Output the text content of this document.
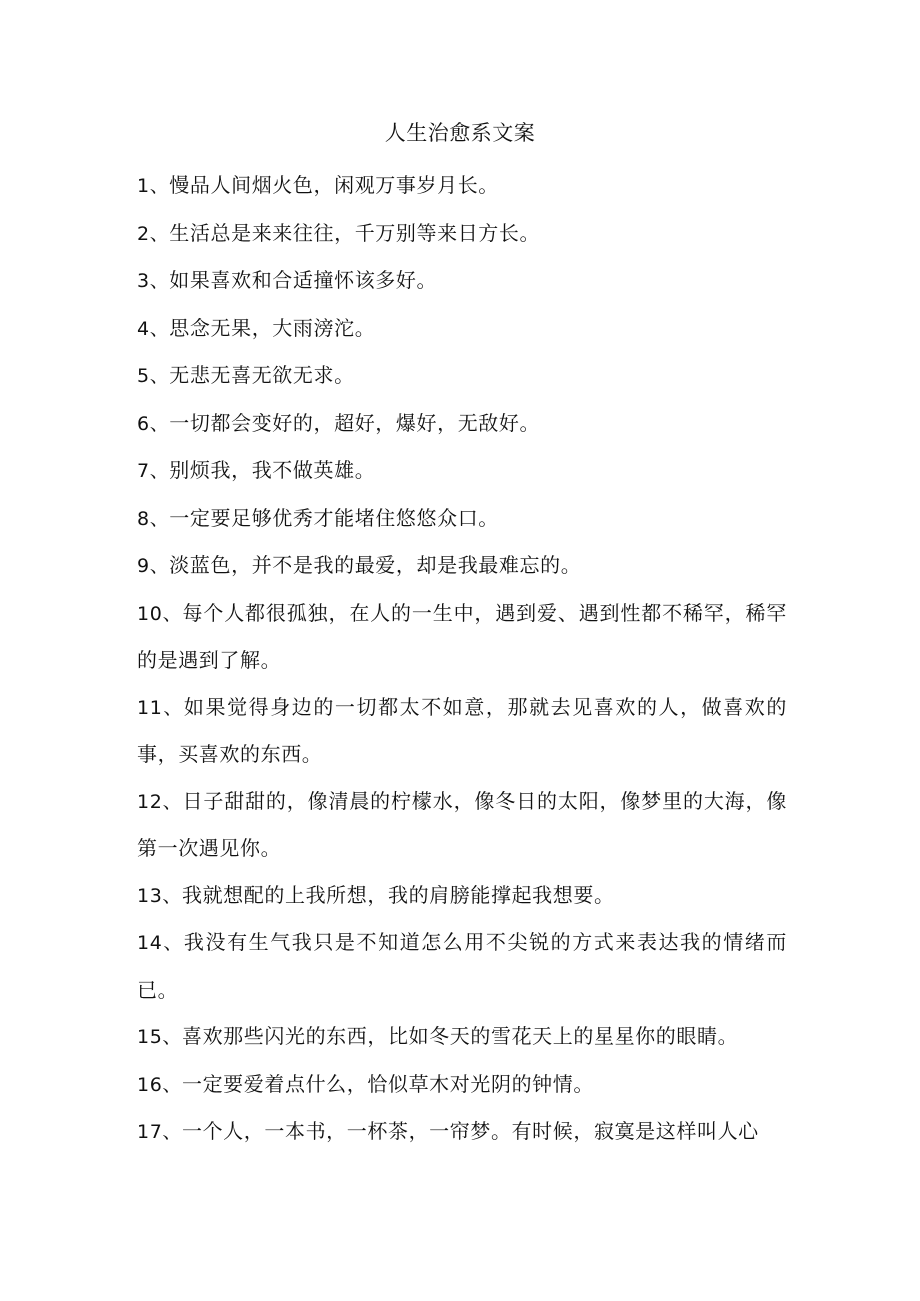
人生治愈系文案

1、慢品人间烟火色，闲观万事岁月长。

2、生活总是来来往往，千万别等来日方长。

3、如果喜欢和合适撞怀该多好。

4、思念无果，大雨滂沱。

5、无悲无喜无欲无求。

6、一切都会变好的，超好，爆好，无敌好。

7、别烦我，我不做英雄。

8、一定要足够优秀才能堵住悠悠众口。

9、淡蓝色，并不是我的最爱，却是我最难忘的。

10、每个人都很孤独，在人的一生中，遇到爱、遇到性都不稀罕，稀罕的是遇到了解。

11、如果觉得身边的一切都太不如意，那就去见喜欢的人，做喜欢的事，买喜欢的东西。

12、日子甜甜的，像清晨的柠檬水，像冬日的太阳，像梦里的大海，像第一次遇见你。

13、我就想配的上我所想，我的肩膀能撑起我想要。

14、我没有生气我只是不知道怎么用不尖锐的方式来表达我的情绪而已。

15、喜欢那些闪光的东西，比如冬天的雪花天上的星星你的眼睛。

16、一定要爱着点什么，恰似草木对光阴的钟情。

17、一个人，一本书，一杯茶，一帘梦。有时候，寂寞是这样叫人心
